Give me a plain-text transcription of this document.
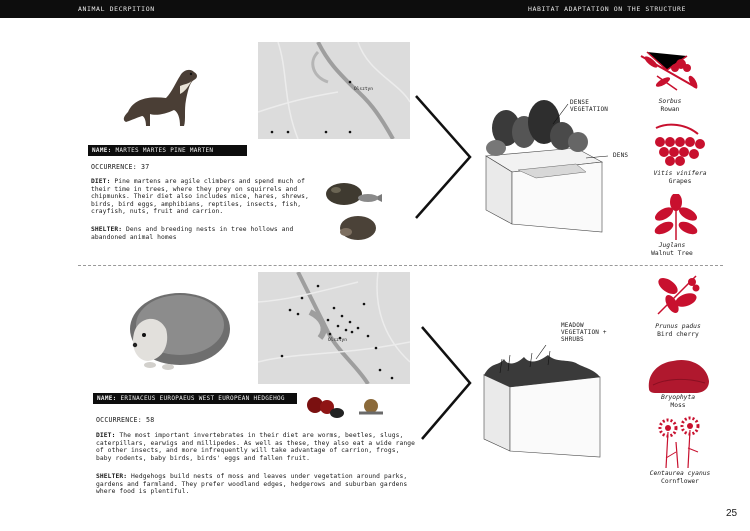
ANIMAL DECRPITION	HABITAT ADAPTATION ON THE STRUCTURE
Olsztyn
NAME: MARTES MARTES PINE MARTEN
OCCURRENCE: 37
DIET: Pine martens are agile climbers and spend much of their time in trees, where they prey on squirrels and chipmunks. Their diet also includes mice, hares, shrews, birds, bird eggs, amphibians, reptiles, insects, fish, crayfish, nuts, fruit and carrion.
SHELTER: Dens and breeding nests in tree hollows and abandoned animal homes
DENSE
VEGETATION
DENS
Olsztyn
NAME: ERINACEUS EUROPAEUS WEST EUROPEAN HEDGEHOG
OCCURRENCE: 58
DIET: The most important invertebrates in their diet are worms, beetles, slugs, caterpillars, earwigs and millipedes. As well as these, they also eat a wide range of other insects, and more infrequently will take advantage of carrion, frogs, baby rodents, baby birds, birds' eggs and fallen fruit.
SHELTER: Hedgehogs build nests of moss and leaves under vegetation around parks, gardens and farmland. They prefer woodland edges, hedgerows and suburban gardens where food is plentiful.
MEADOW
VEGETATION +
SHRUBS
Sorbus
Rowan
Vitis vinifera
Grapes
Juglans
Walnut Tree
Prunus padus
Bird cherry
Bryophyta
Moss
Centaurea cyanus
Cornflower
25
